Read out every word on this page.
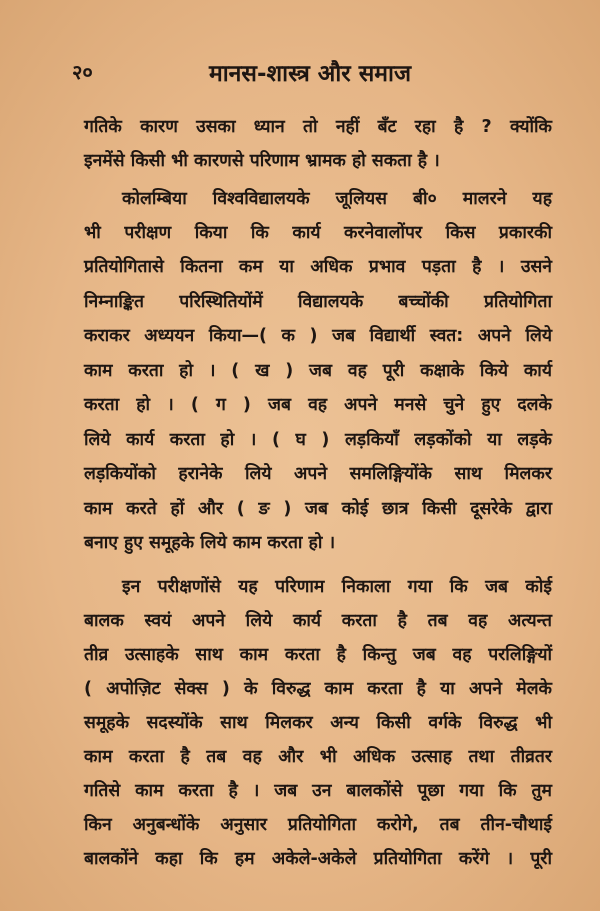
२०	मानस-शास्त्र और समाज
गतिके कारण उसका ध्यान तो नहीं बँट रहा है ? क्योंकि
इनमेंसे किसी भी कारणसे परिणाम भ्रामक हो सकता है ।
कोलम्बिया विश्वविद्यालयके जूलियस बी० मालरने यह
भी परीक्षण किया कि कार्य करनेवालोंपर किस प्रकारकी
प्रतियोगितासे कितना कम या अधिक प्रभाव पड़ता है । उसने
निम्नाङ्कित परिस्थितियोंमें विद्यालयके बच्चोंकी प्रतियोगिता
कराकर अध्ययन किया—( क ) जब विद्यार्थी स्वत: अपने लिये
काम करता हो । ( ख ) जब वह पूरी कक्षाके किये कार्य
करता हो । ( ग ) जब वह अपने मनसे चुने हुए दलके
लिये कार्य करता हो । ( घ ) लड़कियाँ लड़कोंको या लड़के
लड़कियोंको हरानेके लिये अपने समलिङ्गियोंके साथ मिलकर
काम करते हों और ( ङ ) जब कोई छात्र किसी दूसरेके द्वारा
बनाए हुए समूहके लिये काम करता हो ।
इन परीक्षणोंसे यह परिणाम निकाला गया कि जब कोई
बालक स्वयं अपने लिये कार्य करता है तब वह अत्यन्त
तीव्र उत्साहके साथ काम करता है किन्तु जब वह परलिङ्गियों
( अपोज़िट सेक्स ) के विरुद्ध काम करता है या अपने मेलके
समूहके सदस्योंके साथ मिलकर अन्य किसी वर्गके विरुद्ध भी
काम करता है तब वह और भी अधिक उत्साह तथा तीव्रतर
गतिसे काम करता है । जब उन बालकोंसे पूछा गया कि तुम
किन अनुबन्धोंके अनुसार प्रतियोगिता करोगे, तब तीन-चौथाई
बालकोंने कहा कि हम अकेले-अकेले प्रतियोगिता करेंगे । पूरी
